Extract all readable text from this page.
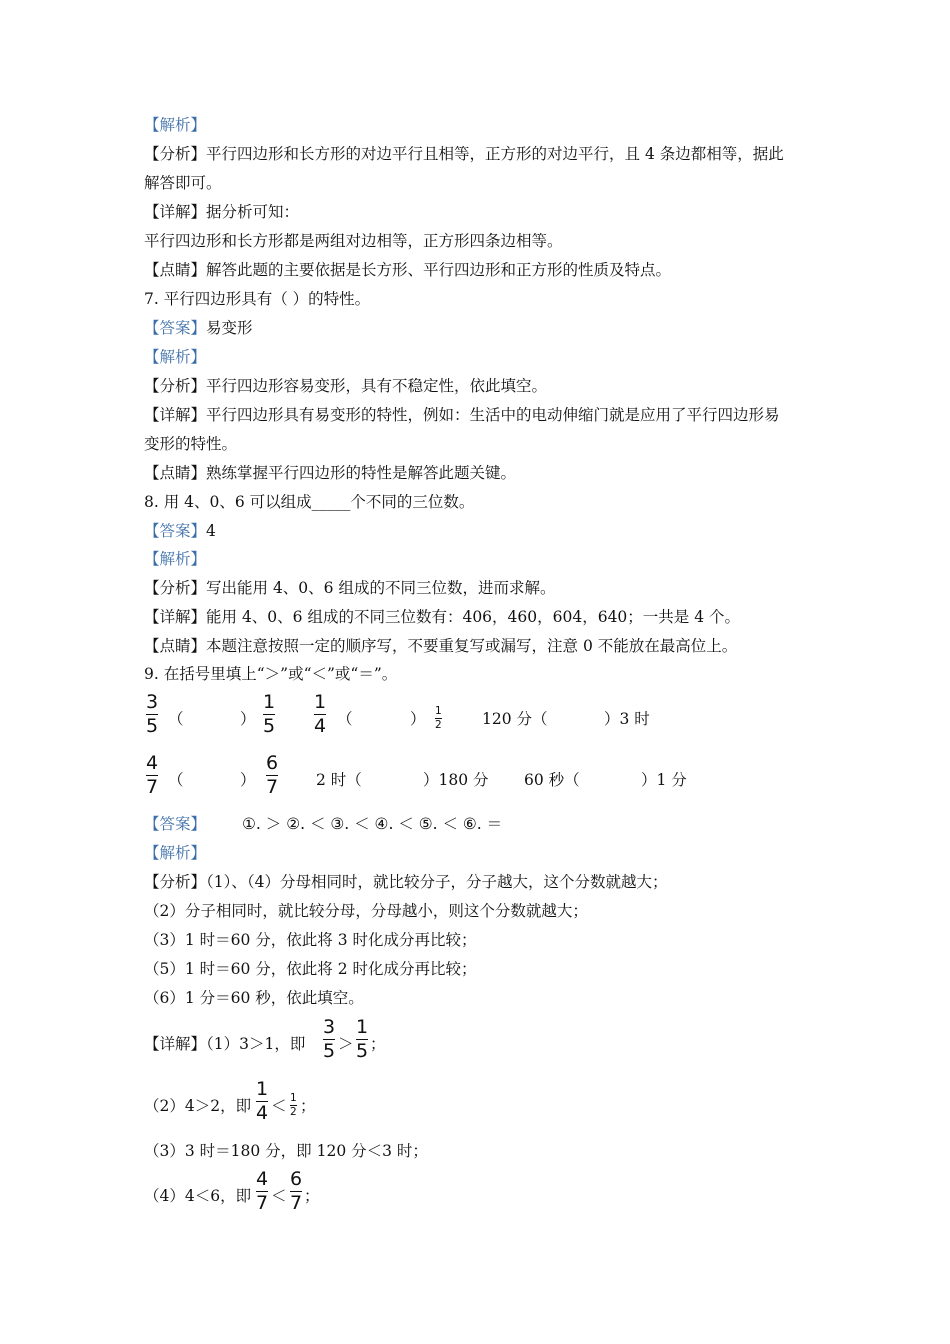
【解析】
【分析】平行四边形和长方形的对边平行且相等，正方形的对边平行，且 4 条边都相等，据此
解答即可。
【详解】据分析可知：
平行四边形和长方形都是两组对边相等，正方形四条边相等。
【点睛】解答此题的主要依据是长方形、平行四边形和正方形的性质及特点。
7. 平行四边形具有（ ）的特性。
【答案】易变形
【解析】
【分析】平行四边形容易变形，具有不稳定性，依此填空。
【详解】平行四边形具有易变形的特性，例如：生活中的电动伸缩门就是应用了平行四边形易
变形的特性。
【点睛】熟练掌握平行四边形的特性是解答此题关键。
8. 用 4、0、6 可以组成_____个不同的三位数。
【答案】4
【解析】
【分析】写出能用 4、0、6 组成的不同三位数，进而求解。
【详解】能用 4、0、6 组成的不同三位数有：406，460，604，640；一共是 4 个。
【点睛】本题注意按照一定的顺序写，不要重复写或漏写，注意 0 不能放在最高位上。
9. 在括号里填上“＞”或“＜”或“＝”。
$\frac{3}{5}$ （	） $\frac{1}{5} \frac{1}{4}$ （	） $\frac{1}{2}$	120 分（	）3 时
$\frac{4}{7}$ （	） $\frac{6}{7} 2$ 时（	）180 分 60 秒（	）1 分
【答案】 ①. ＞ ②. ＜ ③. ＜ ④. ＜ ⑤. ＜ ⑥. ＝
【解析】
【分析】（1）、（4）分母相同时，就比较分子，分子越大，这个分数就越大；
（2）分子相同时，就比较分母，分母越小，则这个分数就越大；
（3）1 时＝60 分，依此将 3 时化成分再比较；
（5）1 时＝60 分，依此将 2 时化成分再比较；
（6）1 分＝60 秒，依此填空。
【详解】（1）3＞1，即 $\frac{3}{5} > \frac{1}{5}$ ；
（2）4＞2，即 $\frac{1}{4} < \frac{1}{2}$ ；
（3）3 时＝180 分，即 120 分＜3 时；
（4）4＜6，即 $\frac{4}{7} < \frac{6}{7}$ ；
